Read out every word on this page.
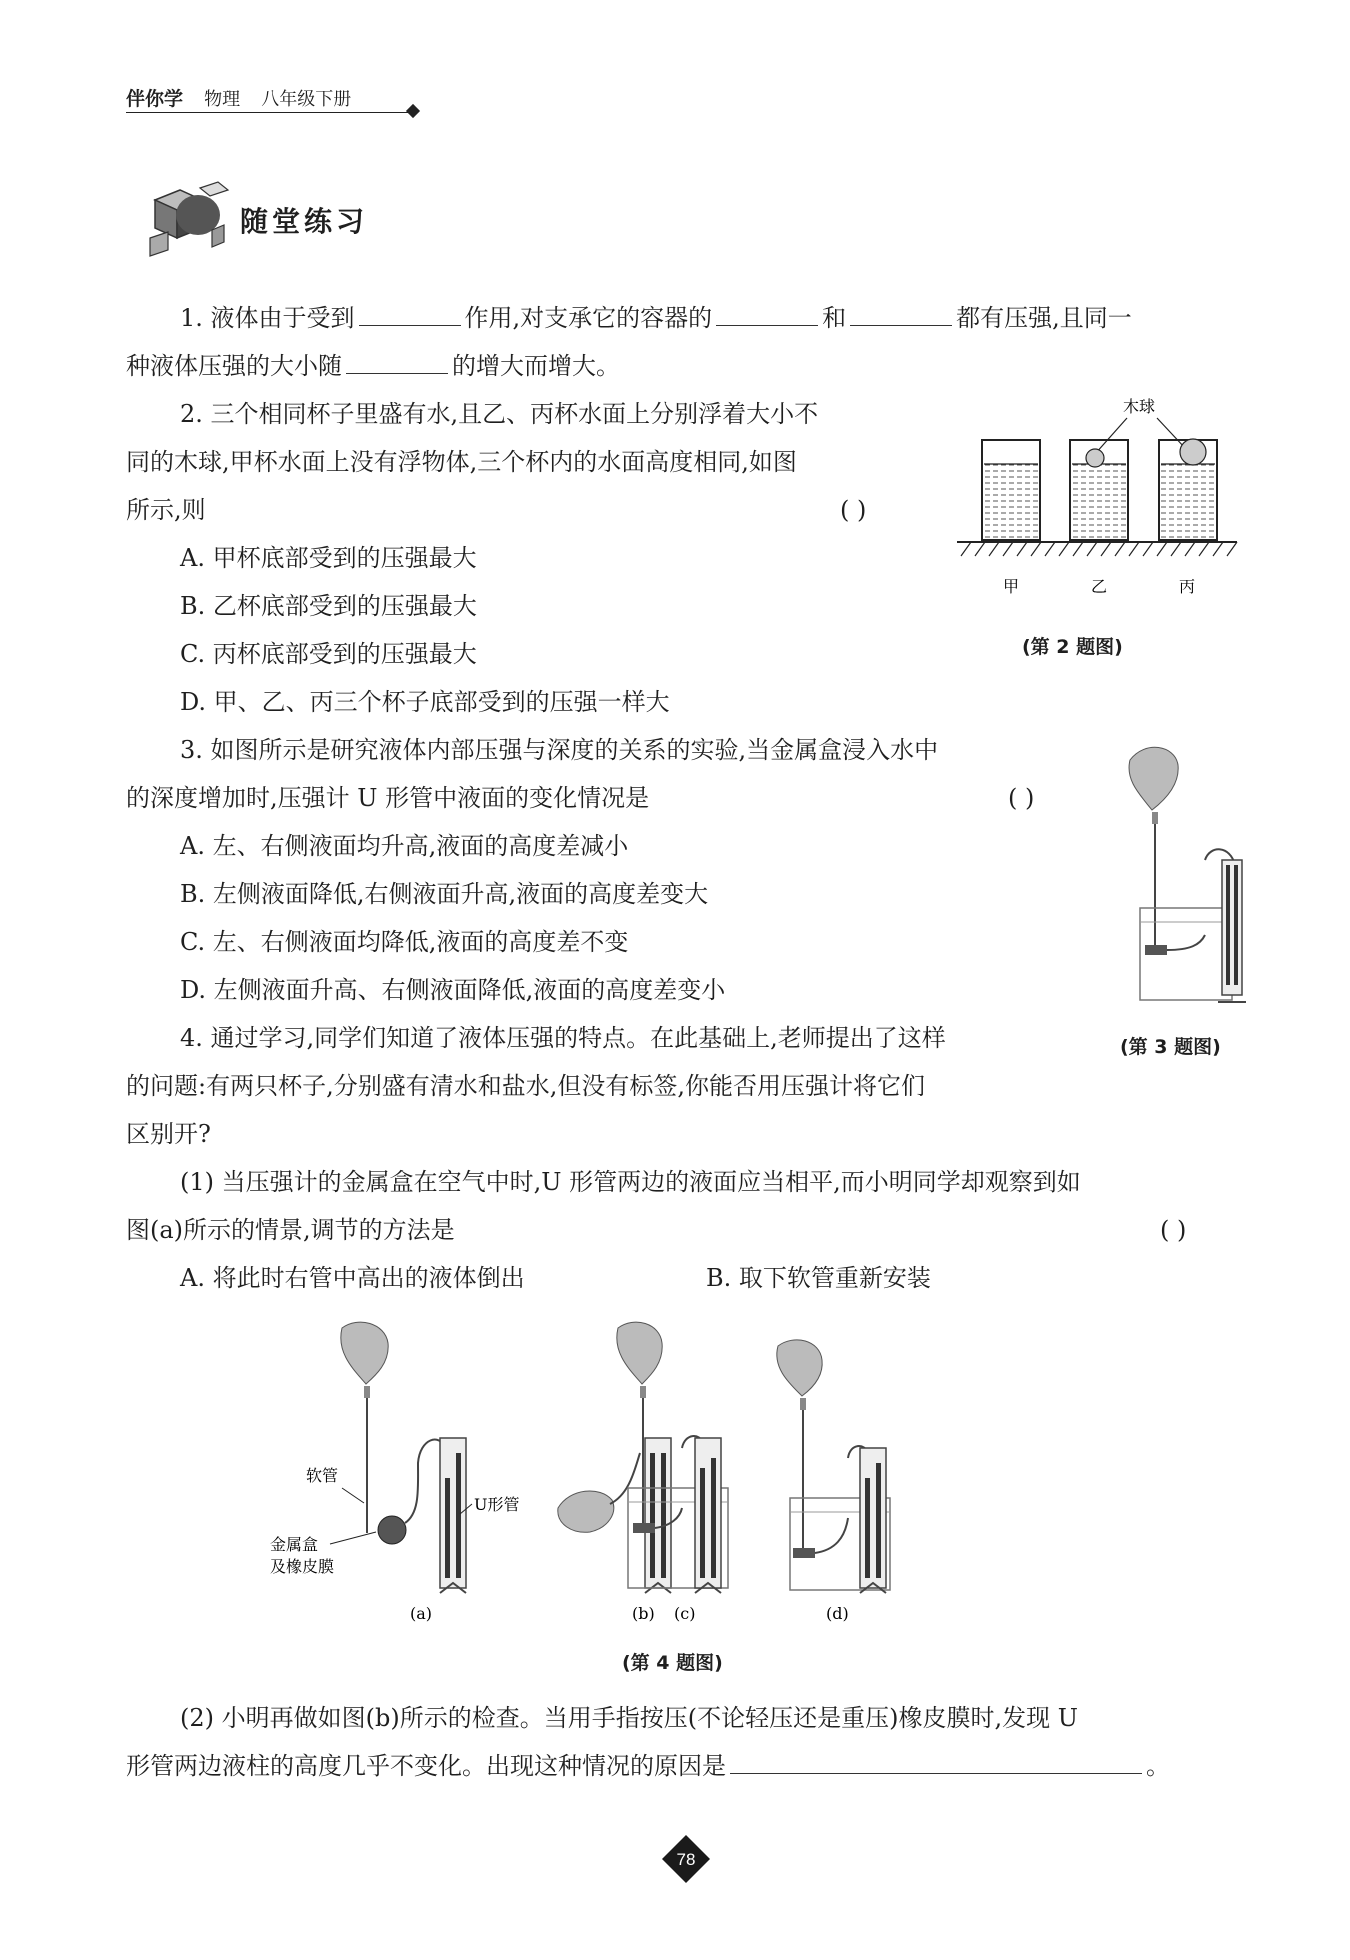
伴你学 物理 八年级下册
随堂练习
1. 液体由于受到	作用,对支承它的容器的	和	都有压强,且同一
种液体压强的大小随	的增大而增大。
2. 三个相同杯子里盛有水,且乙、丙杯水面上分别浮着大小不
同的木球,甲杯水面上没有浮物体,三个杯内的水面高度相同,如图
所示,则	( )
A. 甲杯底部受到的压强最大
B. 乙杯底部受到的压强最大
C. 丙杯底部受到的压强最大
D. 甲、乙、丙三个杯子底部受到的压强一样大
木球
甲	乙	丙
(第 2 题图)
3. 如图所示是研究液体内部压强与深度的关系的实验,当金属盒浸入水中
的深度增加时,压强计 U 形管中液面的变化情况是	( )
A. 左、右侧液面均升高,液面的高度差减小
B. 左侧液面降低,右侧液面升高,液面的高度差变大
C. 左、右侧液面均降低,液面的高度差不变
D. 左侧液面升高、右侧液面降低,液面的高度差变小
(第 3 题图)
4. 通过学习,同学们知道了液体压强的特点。在此基础上,老师提出了这样
的问题:有两只杯子,分别盛有清水和盐水,但没有标签,你能否用压强计将它们
区别开?
(1) 当压强计的金属盒在空气中时,U 形管两边的液面应当相平,而小明同学却观察到如
图(a)所示的情景,调节的方法是	( )
A. 将此时右管中高出的液体倒出	B. 取下软管重新安装
软管
U形管
金属盒
及橡皮膜
(a)	(b) (c)	(d)
(第 4 题图)
(2) 小明再做如图(b)所示的检查。当用手指按压(不论轻压还是重压)橡皮膜时,发现 U
形管两边液柱的高度几乎不变化。出现这种情况的原因是	。
78
